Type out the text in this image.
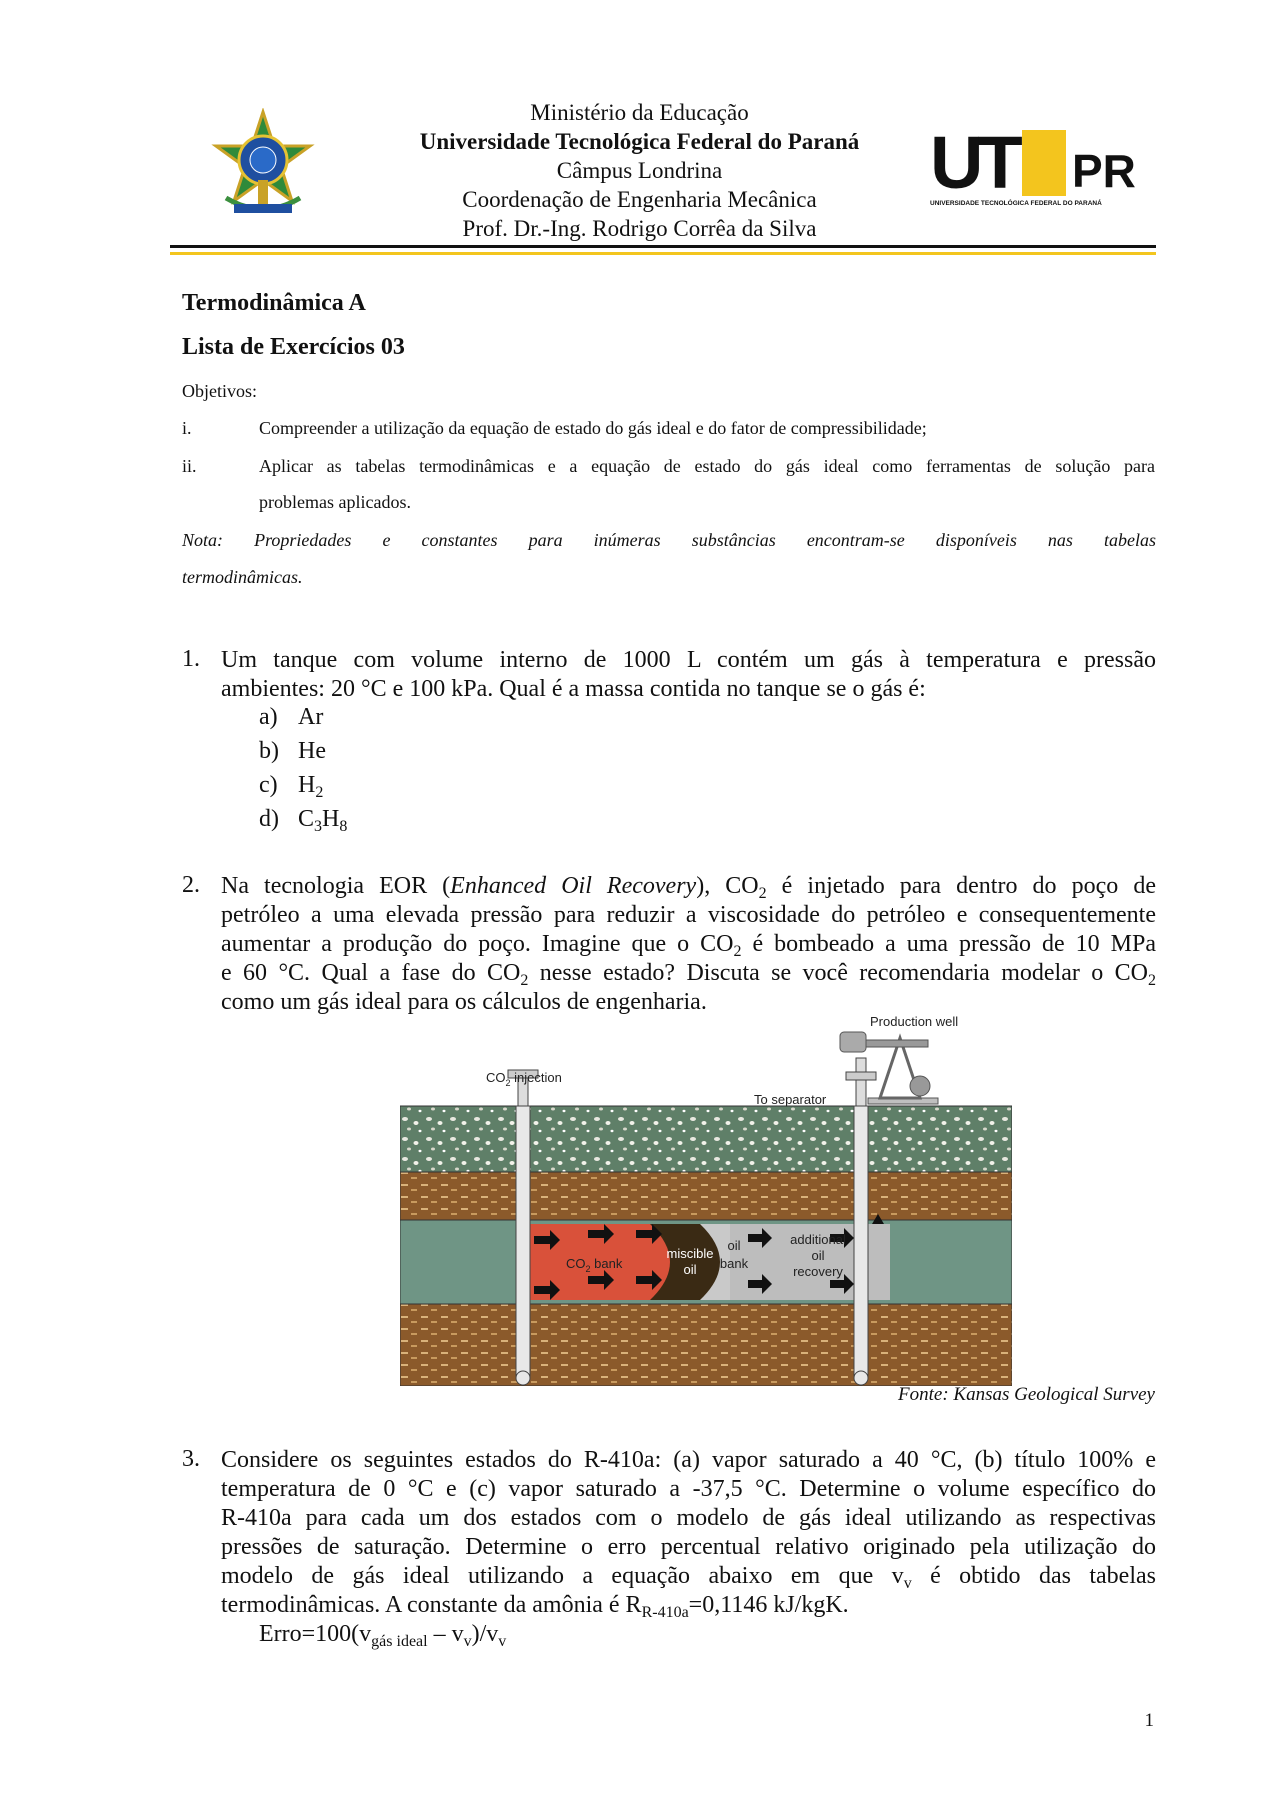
Ministério da Educação
Universidade Tecnológica Federal do Paraná
Câmpus Londrina
Coordenação de Engenharia Mecânica
Prof. Dr.-Ing. Rodrigo Corrêa da Silva
UT PR
UNIVERSIDADE TECNOLÓGICA FEDERAL DO PARANÁ
Termodinâmica A
Lista de Exercícios 03
Objetivos:
i.	Compreender a utilização da equação de estado do gás ideal e do fator de compressibilidade;
ii.	Aplicar as tabelas termodinâmicas e a equação de estado do gás ideal como ferramentas de solução para
problemas aplicados.
Nota: Propriedades e constantes para inúmeras substâncias encontram-se disponíveis nas tabelas
termodinâmicas.
1. Um tanque com volume interno de 1000 L contém um gás à temperatura e pressão
ambientes: 20 °C e 100 kPa. Qual é a massa contida no tanque se o gás é:
a) Ar
b) He
c) $H_2$
d) $C_3H_8$
2. Na tecnologia EOR (Enhanced Oil Recovery), $CO_2$ é injetado para dentro do poço de
petróleo a uma elevada pressão para reduzir a viscosidade do petróleo e consequentemente
aumentar a produção do poço. Imagine que o $CO_2$ é bombeado a uma pressão de 10 MPa
e 60 °C. Qual a fase do $CO_2$ nesse estado? Discuta se você recomendaria modelar o $CO_2$
como um gás ideal para os cálculos de engenharia.
Production well
$CO_2$ injection
To separator
$CO_2$ bank
miscible
oil
oil
bank
additional
oil
recovery
Fonte: Kansas Geological Survey
3. Considere os seguintes estados do R-410a: (a) vapor saturado a 40 °C, (b) título 100% e
temperatura de 0 °C e (c) vapor saturado a -37,5 °C. Determine o volume específico do
R-410a para cada um dos estados com o modelo de gás ideal utilizando as respectivas
pressões de saturação. Determine o erro percentual relativo originado pela utilização do
modelo de gás ideal utilizando a equação abaixo em que $v_v$ é obtido das tabelas
termodinâmicas. A constante da amônia é $R_{R-410a}=0,1146$ kJ/kgK.
$Erro=100(v_{gás ideal} - v_v)/v_v$
1
